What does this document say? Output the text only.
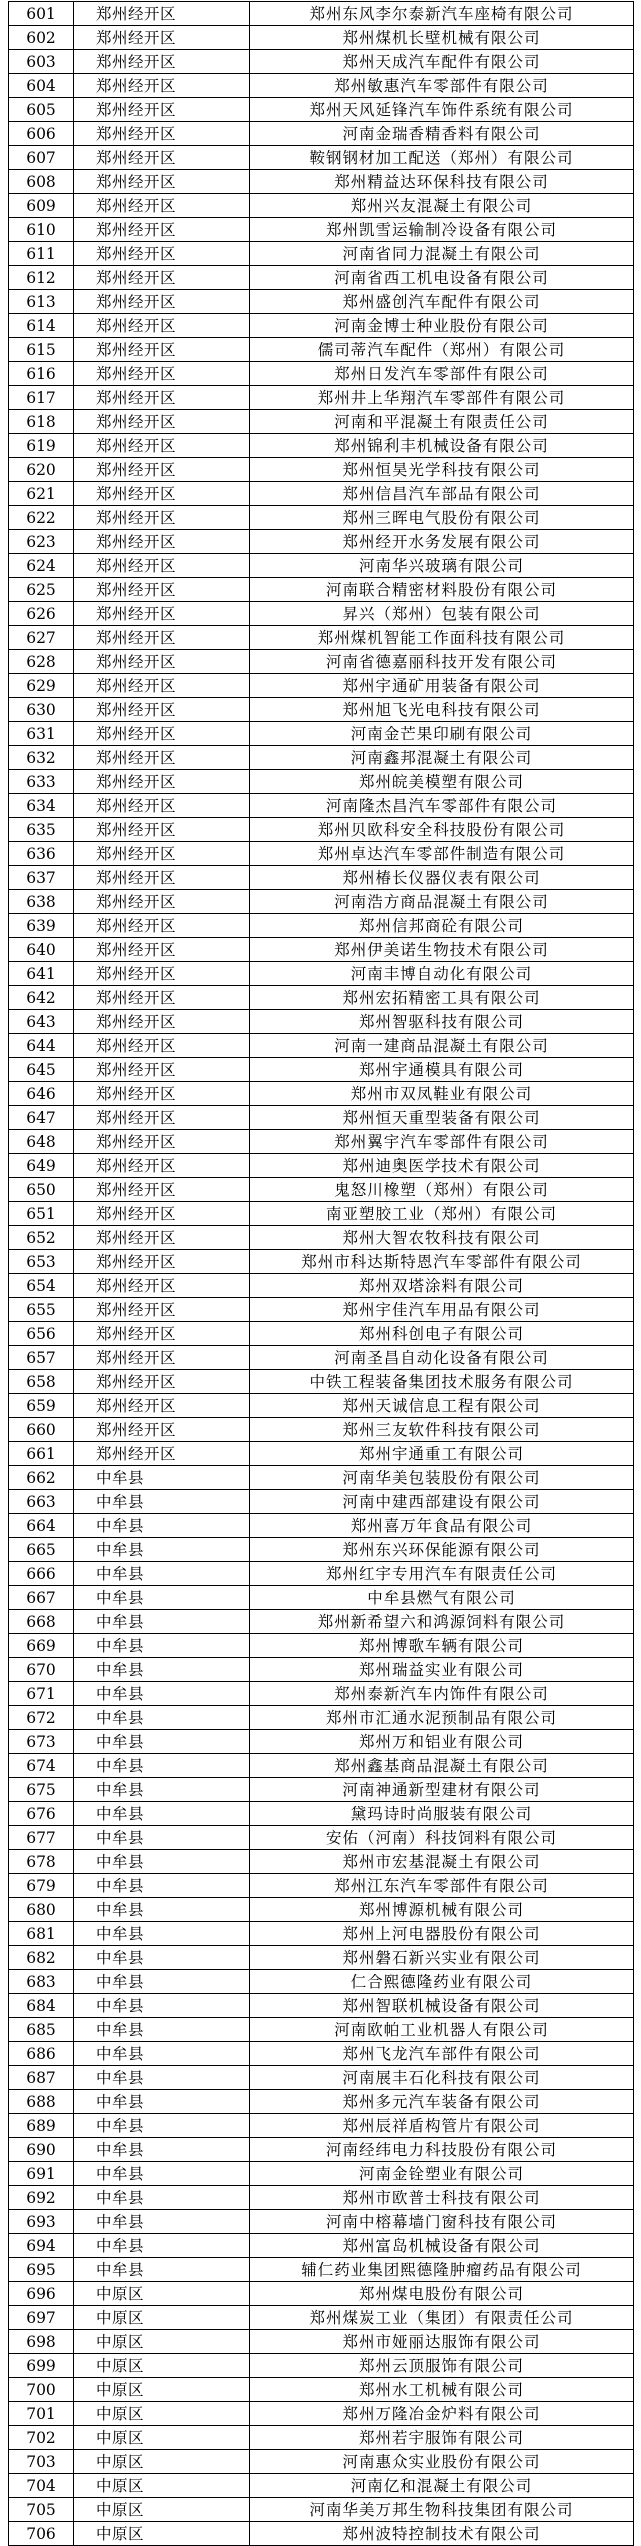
601	郑州经开区	郑州东风李尔泰新汽车座椅有限公司
602	郑州经开区	郑州煤机长壁机械有限公司
603	郑州经开区	郑州天成汽车配件有限公司
604	郑州经开区	郑州敏惠汽车零部件有限公司
605	郑州经开区	郑州天风延锋汽车饰件系统有限公司
606	郑州经开区	河南金瑞香精香料有限公司
607	郑州经开区	鞍钢钢材加工配送（郑州）有限公司
608	郑州经开区	郑州精益达环保科技有限公司
609	郑州经开区	郑州兴友混凝土有限公司
610	郑州经开区	郑州凯雪运输制冷设备有限公司
611	郑州经开区	河南省同力混凝土有限公司
612	郑州经开区	河南省西工机电设备有限公司
613	郑州经开区	郑州盛创汽车配件有限公司
614	郑州经开区	河南金博士种业股份有限公司
615	郑州经开区	儒司蒂汽车配件（郑州）有限公司
616	郑州经开区	郑州日发汽车零部件有限公司
617	郑州经开区	郑州井上华翔汽车零部件有限公司
618	郑州经开区	河南和平混凝土有限责任公司
619	郑州经开区	郑州锦利丰机械设备有限公司
620	郑州经开区	郑州恒昊光学科技有限公司
621	郑州经开区	郑州信昌汽车部品有限公司
622	郑州经开区	郑州三晖电气股份有限公司
623	郑州经开区	郑州经开水务发展有限公司
624	郑州经开区	河南华兴玻璃有限公司
625	郑州经开区	河南联合精密材料股份有限公司
626	郑州经开区	昇兴（郑州）包装有限公司
627	郑州经开区	郑州煤机智能工作面科技有限公司
628	郑州经开区	河南省德嘉丽科技开发有限公司
629	郑州经开区	郑州宇通矿用装备有限公司
630	郑州经开区	郑州旭飞光电科技有限公司
631	郑州经开区	河南金芒果印刷有限公司
632	郑州经开区	河南鑫邦混凝土有限公司
633	郑州经开区	郑州皖美模塑有限公司
634	郑州经开区	河南隆杰昌汽车零部件有限公司
635	郑州经开区	郑州贝欧科安全科技股份有限公司
636	郑州经开区	郑州卓达汽车零部件制造有限公司
637	郑州经开区	郑州椿长仪器仪表有限公司
638	郑州经开区	河南浩方商品混凝土有限公司
639	郑州经开区	郑州信邦商砼有限公司
640	郑州经开区	郑州伊美诺生物技术有限公司
641	郑州经开区	河南丰博自动化有限公司
642	郑州经开区	郑州宏拓精密工具有限公司
643	郑州经开区	郑州智驱科技有限公司
644	郑州经开区	河南一建商品混凝土有限公司
645	郑州经开区	郑州宇通模具有限公司
646	郑州经开区	郑州市双凤鞋业有限公司
647	郑州经开区	郑州恒天重型装备有限公司
648	郑州经开区	郑州翼宇汽车零部件有限公司
649	郑州经开区	郑州迪奥医学技术有限公司
650	郑州经开区	鬼怒川橡塑（郑州）有限公司
651	郑州经开区	南亚塑胶工业（郑州）有限公司
652	郑州经开区	郑州大智农牧科技有限公司
653	郑州经开区	郑州市科达斯特恩汽车零部件有限公司
654	郑州经开区	郑州双塔涂料有限公司
655	郑州经开区	郑州宇佳汽车用品有限公司
656	郑州经开区	郑州科创电子有限公司
657	郑州经开区	河南圣昌自动化设备有限公司
658	郑州经开区	中铁工程装备集团技术服务有限公司
659	郑州经开区	郑州天诚信息工程有限公司
660	郑州经开区	郑州三友软件科技有限公司
661	郑州经开区	郑州宇通重工有限公司
662	中牟县	河南华美包装股份有限公司
663	中牟县	河南中建西部建设有限公司
664	中牟县	郑州喜万年食品有限公司
665	中牟县	郑州东兴环保能源有限公司
666	中牟县	郑州红宇专用汽车有限责任公司
667	中牟县	中牟县燃气有限公司
668	中牟县	郑州新希望六和鸿源饲料有限公司
669	中牟县	郑州博歌车辆有限公司
670	中牟县	郑州瑞益实业有限公司
671	中牟县	郑州泰新汽车内饰件有限公司
672	中牟县	郑州市汇通水泥预制品有限公司
673	中牟县	郑州万和铝业有限公司
674	中牟县	郑州鑫基商品混凝土有限公司
675	中牟县	河南神通新型建材有限公司
676	中牟县	黛玛诗时尚服装有限公司
677	中牟县	安佑（河南）科技饲料有限公司
678	中牟县	郑州市宏基混凝土有限公司
679	中牟县	郑州江东汽车零部件有限公司
680	中牟县	郑州博源机械有限公司
681	中牟县	郑州上河电器股份有限公司
682	中牟县	郑州磐石新兴实业有限公司
683	中牟县	仁合熙德隆药业有限公司
684	中牟县	郑州智联机械设备有限公司
685	中牟县	河南欧帕工业机器人有限公司
686	中牟县	郑州飞龙汽车部件有限公司
687	中牟县	河南展丰石化科技有限公司
688	中牟县	郑州多元汽车装备有限公司
689	中牟县	郑州辰祥盾构管片有限公司
690	中牟县	河南经纬电力科技股份有限公司
691	中牟县	河南金铨塑业有限公司
692	中牟县	郑州市欧普士科技有限公司
693	中牟县	河南中榕幕墙门窗科技有限公司
694	中牟县	郑州富岛机械设备有限公司
695	中牟县	辅仁药业集团熙德隆肿瘤药品有限公司
696	中原区	郑州煤电股份有限公司
697	中原区	郑州煤炭工业（集团）有限责任公司
698	中原区	郑州市娅丽达服饰有限公司
699	中原区	郑州云顶服饰有限公司
700	中原区	郑州水工机械有限公司
701	中原区	郑州万隆冶金炉料有限公司
702	中原区	郑州若宇服饰有限公司
703	中原区	河南惠众实业股份有限公司
704	中原区	河南亿和混凝土有限公司
705	中原区	河南华美万邦生物科技集团有限公司
706	中原区	郑州波特控制技术有限公司
